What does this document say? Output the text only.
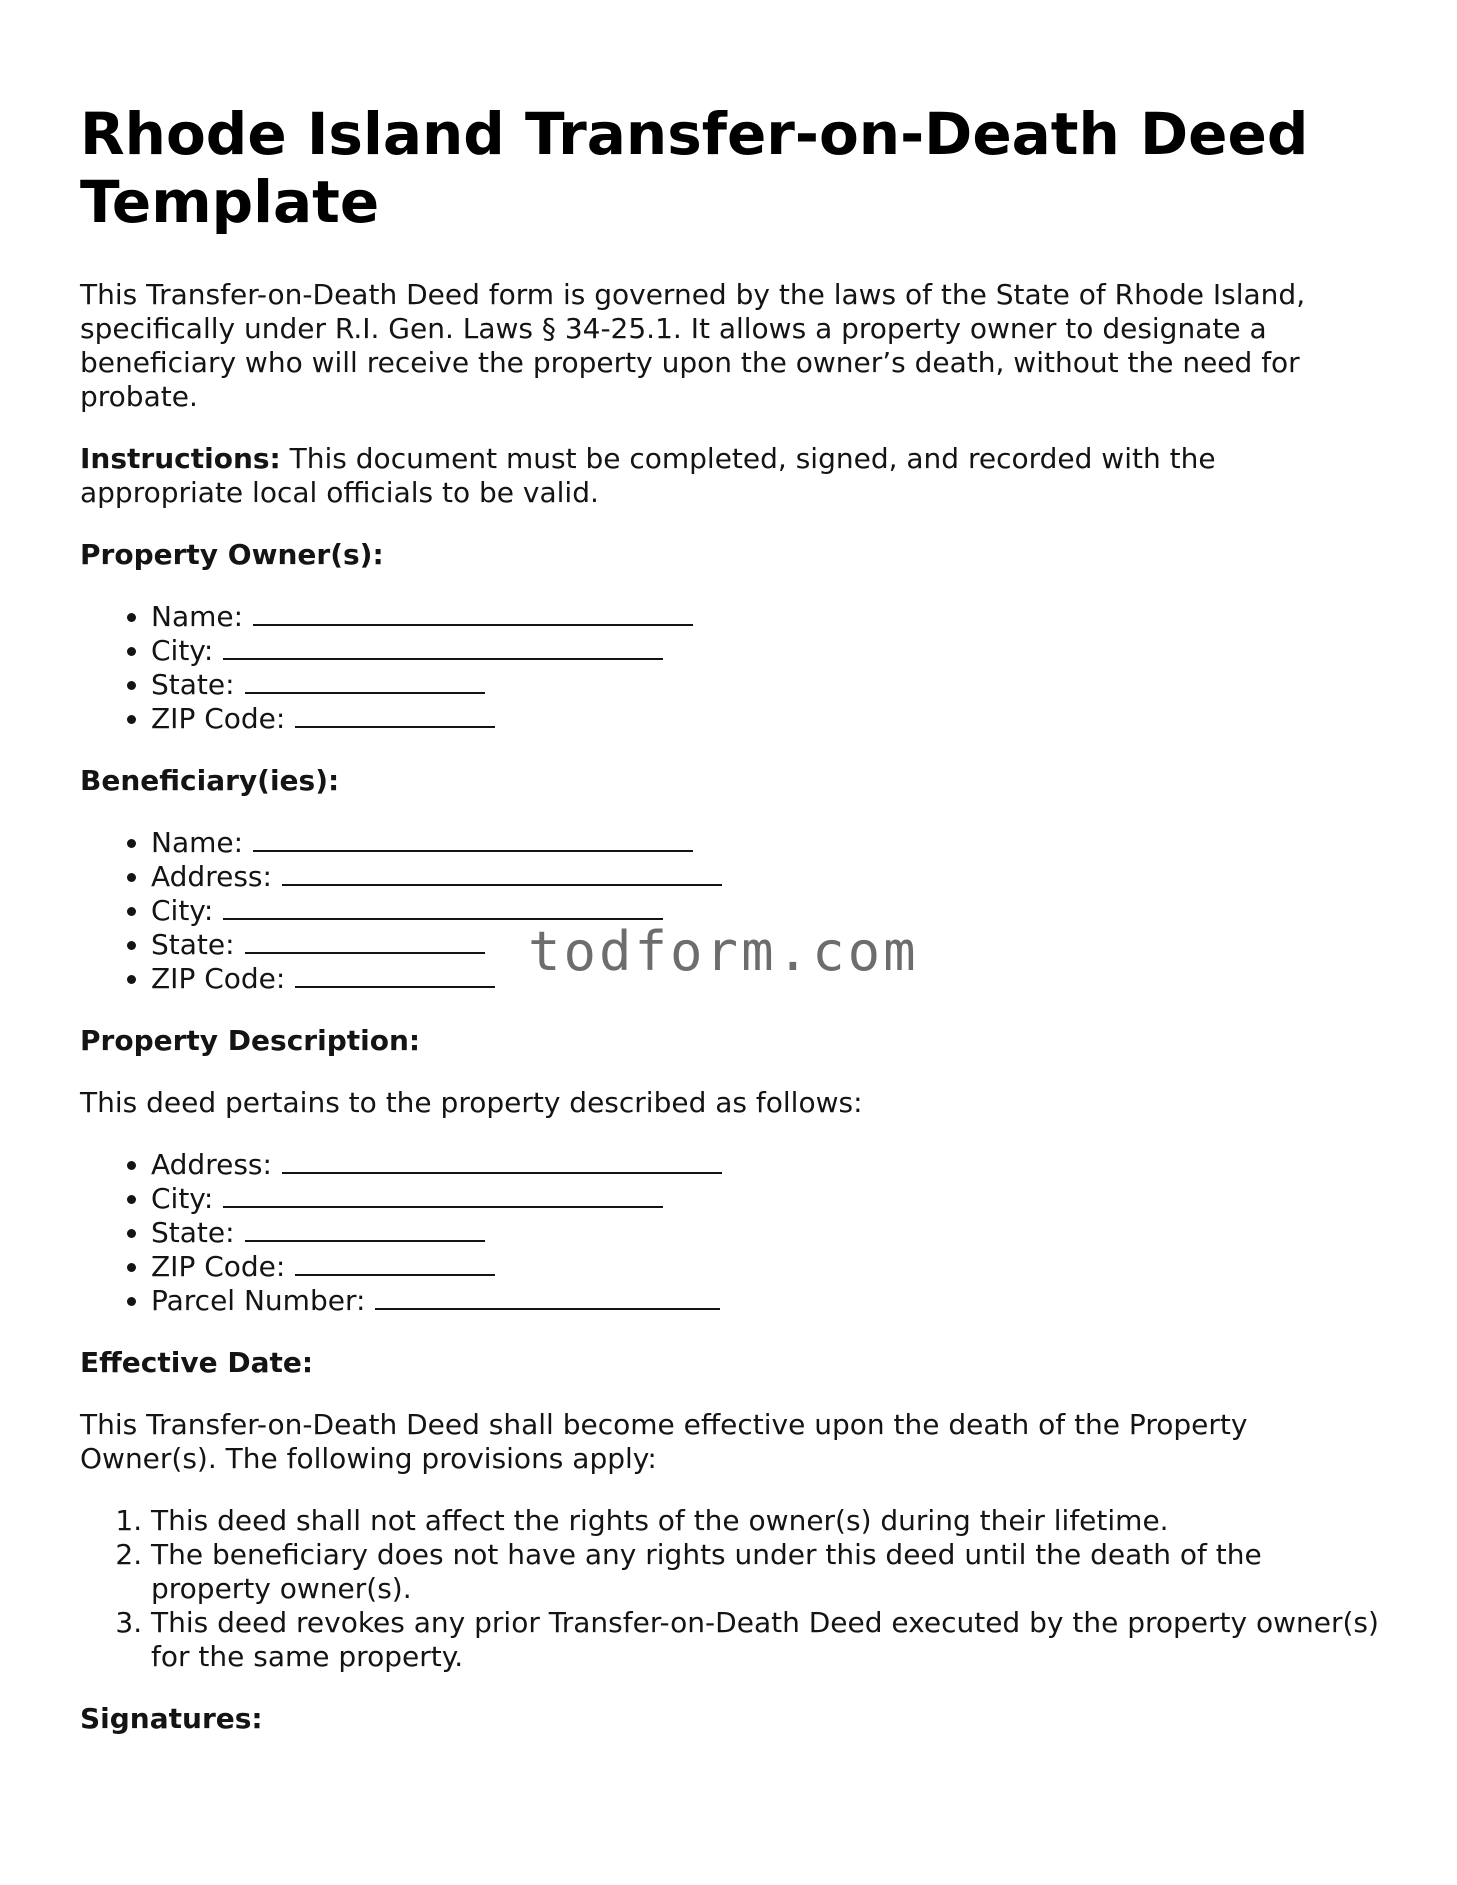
Rhode Island Transfer-on-Death Deed Template

This Transfer-on-Death Deed form is governed by the laws of the State of Rhode Island, specifically under R.I. Gen. Laws § 34-25.1. It allows a property owner to designate a beneficiary who will receive the property upon the owner’s death, without the need for probate.

Instructions: This document must be completed, signed, and recorded with the appropriate local officials to be valid.

Property Owner(s):
• Name:
• City:
• State:
• ZIP Code:
Beneficiary(ies):
• Name:
• Address:
• City:
• State:
• ZIP Code:
Property Description:

This deed pertains to the property described as follows:

• Address:
• City:
• State:
• ZIP Code:
• Parcel Number:
Effective Date:

This Transfer-on-Death Deed shall become effective upon the death of the Property Owner(s). The following provisions apply:

1. This deed shall not affect the rights of the owner(s) during their lifetime.
2. The beneficiary does not have any rights under this deed until the death of the property owner(s).
3. This deed revokes any prior Transfer-on-Death Deed executed by the property owner(s) for the same property.
Signatures:
todform.com
